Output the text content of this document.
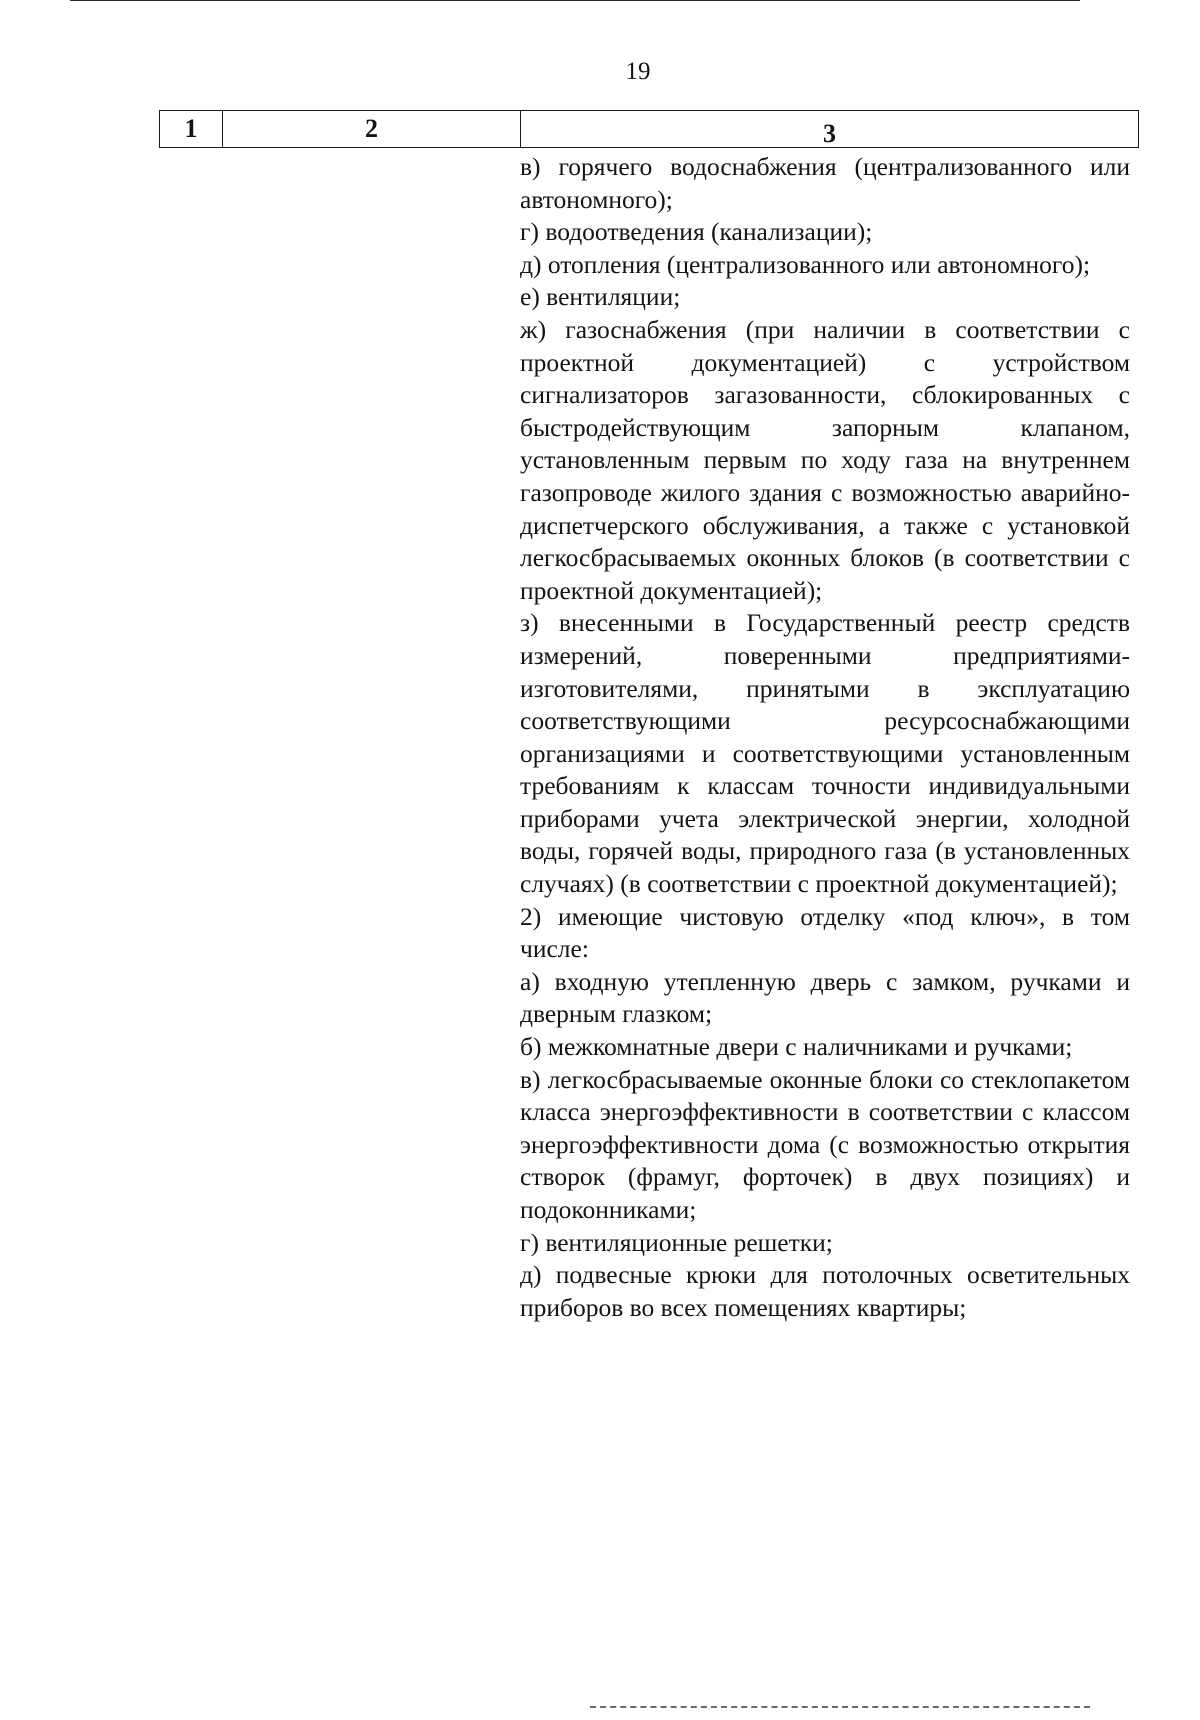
19
1	2	3

в) горячего водоснабжения (централизованного или автономного);

г) водоотведения (канализации);

д) отопления (централизованного или автономного);

е) вентиляции;

ж) газоснабжения (при наличии в соответствии с проектной документацией) с устройством сигнализаторов загазованности, сблокированных с быстродействующим запорным клапаном, установленным первым по ходу газа на внутреннем газопроводе жилого здания с возможностью аварийно-диспетчерского обслуживания, а также с установкой легкосбрасываемых оконных блоков (в соответствии с проектной документацией);

з) внесенными в Государственный реестр средств измерений, поверенными предприятиями-изготовителями, принятыми в эксплуатацию соответствующими ресурсоснабжающими организациями и соответствующими установленным требованиям к классам точности индивидуальными приборами учета электрической энергии, холодной воды, горячей воды, природного газа (в установленных случаях) (в соответствии с проектной документацией);

2) имеющие чистовую отделку «под ключ», в том числе:

а) входную утепленную дверь с замком, ручками и дверным глазком;

б) межкомнатные двери с наличниками и ручками;

в) легкосбрасываемые оконные блоки со стеклопакетом класса энергоэффективности в соответствии с классом энергоэффективности дома (с возможностью открытия створок (фрамуг, форточек) в двух позициях) и подоконниками;

г) вентиляционные решетки;

д) подвесные крюки для потолочных осветительных приборов во всех помещениях квартиры;
